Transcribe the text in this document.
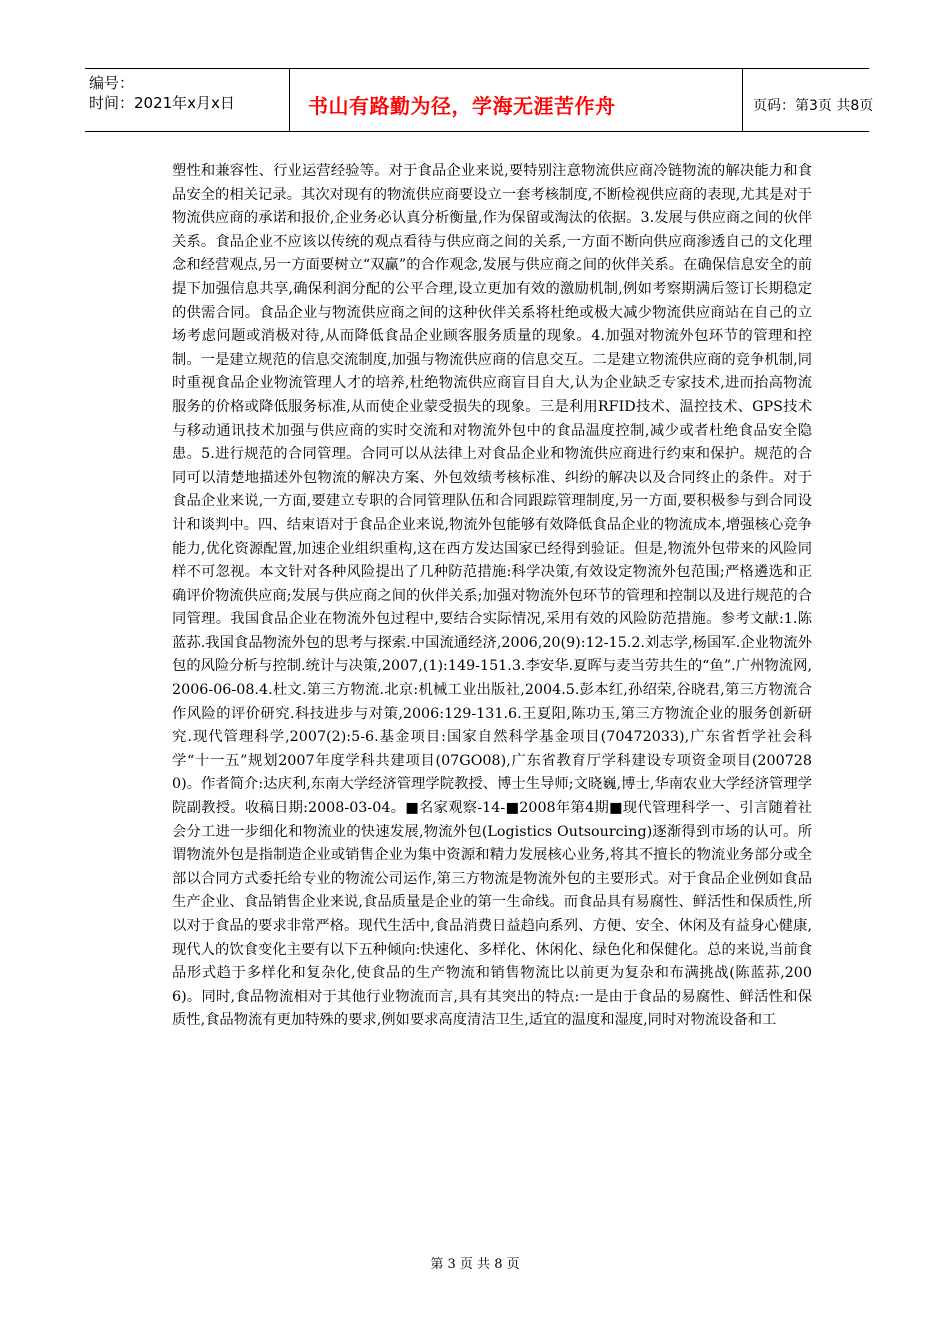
编号：
时间：2021年x月x日	书山有路勤为径，学海无涯苦作舟	页码：第3页 共8页

塑性和兼容性、行业运营经验等。对于食品企业来说,要特别注意物流供应商冷链物流的解决能力和食品安全的相关记录。其次对现有的物流供应商要设立一套考核制度,不断检视供应商的表现,尤其是对于物流供应商的承诺和报价,企业务必认真分析衡量,作为保留或淘汰的依据。3.发展与供应商之间的伙伴关系。食品企业不应该以传统的观点看待与供应商之间的关系,一方面不断向供应商渗透自己的文化理念和经营观点,另一方面要树立“双赢”的合作观念,发展与供应商之间的伙伴关系。在确保信息安全的前提下加强信息共享,确保利润分配的公平合理,设立更加有效的激励机制,例如考察期满后签订长期稳定的供需合同。食品企业与物流供应商之间的这种伙伴关系将杜绝或极大减少物流供应商站在自己的立场考虑问题或消极对待,从而降低食品企业顾客服务质量的现象。4.加强对物流外包环节的管理和控制。一是建立规范的信息交流制度,加强与物流供应商的信息交互。二是建立物流供应商的竞争机制,同时重视食品企业物流管理人才的培养,杜绝物流供应商盲目自大,认为企业缺乏专家技术,进而抬高物流服务的价格或降低服务标准,从而使企业蒙受损失的现象。三是利用RFID技术、温控技术、GPS技术与移动通讯技术加强与供应商的实时交流和对物流外包中的食品温度控制,减少或者杜绝食品安全隐患。5.进行规范的合同管理。合同可以从法律上对食品企业和物流供应商进行约束和保护。规范的合同可以清楚地描述外包物流的解决方案、外包效绩考核标准、纠纷的解决以及合同终止的条件。对于食品企业来说,一方面,要建立专职的合同管理队伍和合同跟踪管理制度,另一方面,要积极参与到合同设计和谈判中。四、结束语对于食品企业来说,物流外包能够有效降低食品企业的物流成本,增强核心竞争能力,优化资源配置,加速企业组织重构,这在西方发达国家已经得到验证。但是,物流外包带来的风险同样不可忽视。本文针对各种风险提出了几种防范措施:科学决策,有效设定物流外包范围;严格遴选和正确评价物流供应商;发展与供应商之间的伙伴关系;加强对物流外包环节的管理和控制以及进行规范的合同管理。我国食品企业在物流外包过程中,要结合实际情况,采用有效的风险防范措施。参考文献:1.陈蓝荪.我国食品物流外包的思考与探索.中国流通经济,2006,20(9):12-15.2.刘志学,杨国军.企业物流外包的风险分析与控制.统计与决策,2007,(1):149-151.3.李安华.夏晖与麦当劳共生的“鱼”.广州物流网,2006-06-08.4.杜文.第三方物流.北京:机械工业出版社,2004.5.彭本红,孙绍荣,谷晓君,第三方物流合作风险的评价研究.科技进步与对策,2006:129-131.6.王夏阳,陈功玉,第三方物流企业的服务创新研究.现代管理科学,2007(2):5-6.基金项目:国家自然科学基金项目(70472033),广东省哲学社会科学“十一五”规划2007年度学科共建项目(07GO08),广东省教育厅学科建设专项资金项目(2007280)。作者简介:达庆利,东南大学经济管理学院教授、博士生导师;文晓巍,博士,华南农业大学经济管理学院副教授。收稿日期:2008-03-04。■名家观察-14-■2008年第4期■现代管理科学一、引言随着社会分工进一步细化和物流业的快速发展,物流外包(Logistics Outsourcing)逐渐得到市场的认可。所谓物流外包是指制造企业或销售企业为集中资源和精力发展核心业务,将其不擅长的物流业务部分或全部以合同方式委托给专业的物流公司运作,第三方物流是物流外包的主要形式。对于食品企业例如食品生产企业、食品销售企业来说,食品质量是企业的第一生命线。而食品具有易腐性、鲜活性和保质性,所以对于食品的要求非常严格。现代生活中,食品消费日益趋向系列、方便、安全、休闲及有益身心健康,现代人的饮食变化主要有以下五种倾向:快速化、多样化、休闲化、绿色化和保健化。总的来说,当前食品形式趋于多样化和复杂化,使食品的生产物流和销售物流比以前更为复杂和布满挑战(陈蓝荪,2006)。同时,食品物流相对于其他行业物流而言,具有其突出的特点:一是由于食品的易腐性、鲜活性和保质性,食品物流有更加特殊的要求,例如要求高度清洁卫生,适宜的温度和湿度,同时对物流设备和工

第 3 页 共 8 页
